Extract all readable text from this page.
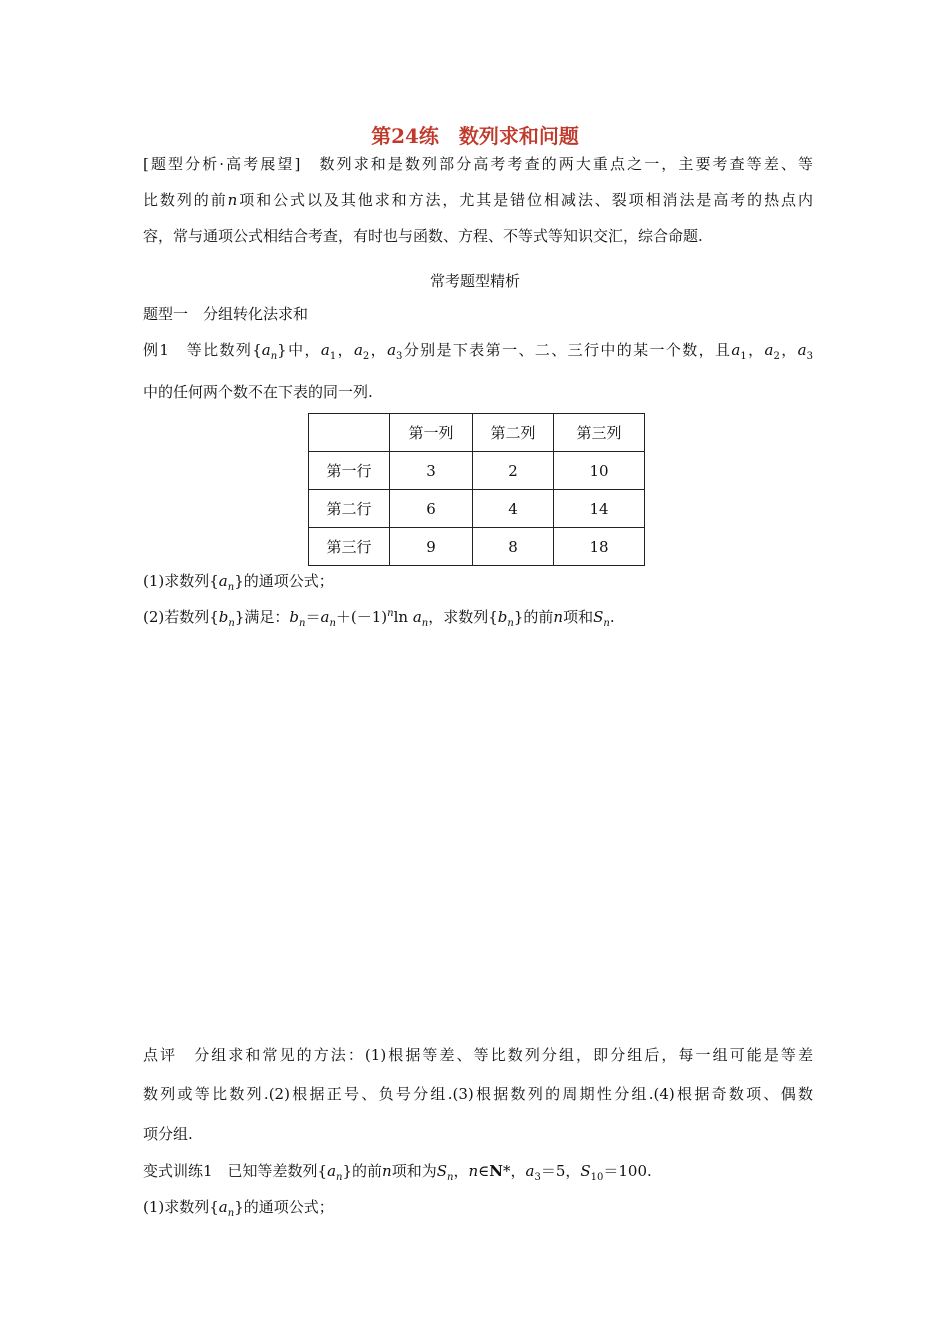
第24练　数列求和问题
[题型分析·高考展望]　数列求和是数列部分高考考查的两大重点之一，主要考查等差、等
比数列的前n项和公式以及其他求和方法，尤其是错位相减法、裂项相消法是高考的热点内
容，常与通项公式相结合考查，有时也与函数、方程、不等式等知识交汇，综合命题.
常考题型精析
题型一　分组转化法求和
例1　等比数列$\{a_n\}$中，$a_1$，$a_2$，$a_3$分别是下表第一、二、三行中的某一个数，且$a_1$，$a_2$，$a_3$
中的任何两个数不在下表的同一列.
	第一列	第二列	第三列
第一行	3	2	10
第二行	6	4	14
第三行	9	8	18
(1)求数列$\{a_n\}$的通项公式；
(2)若数列$\{b_n\}$满足：$b_n=a_n+(-1)^n\ln$ $a_n$，求数列$\{b_n\}$的前n项和$S_n$.
点评　分组求和常见的方法：(1)根据等差、等比数列分组，即分组后，每一组可能是等差
数列或等比数列.(2)根据正号、负号分组.(3)根据数列的周期性分组.(4)根据奇数项、偶数
项分组.
变式训练1　已知等差数列$\{a_n\}$的前n项和为$S_n$，n∈N*，$a_3=5$，$S_{10}=100$.
(1)求数列$\{a_n\}$的通项公式；
